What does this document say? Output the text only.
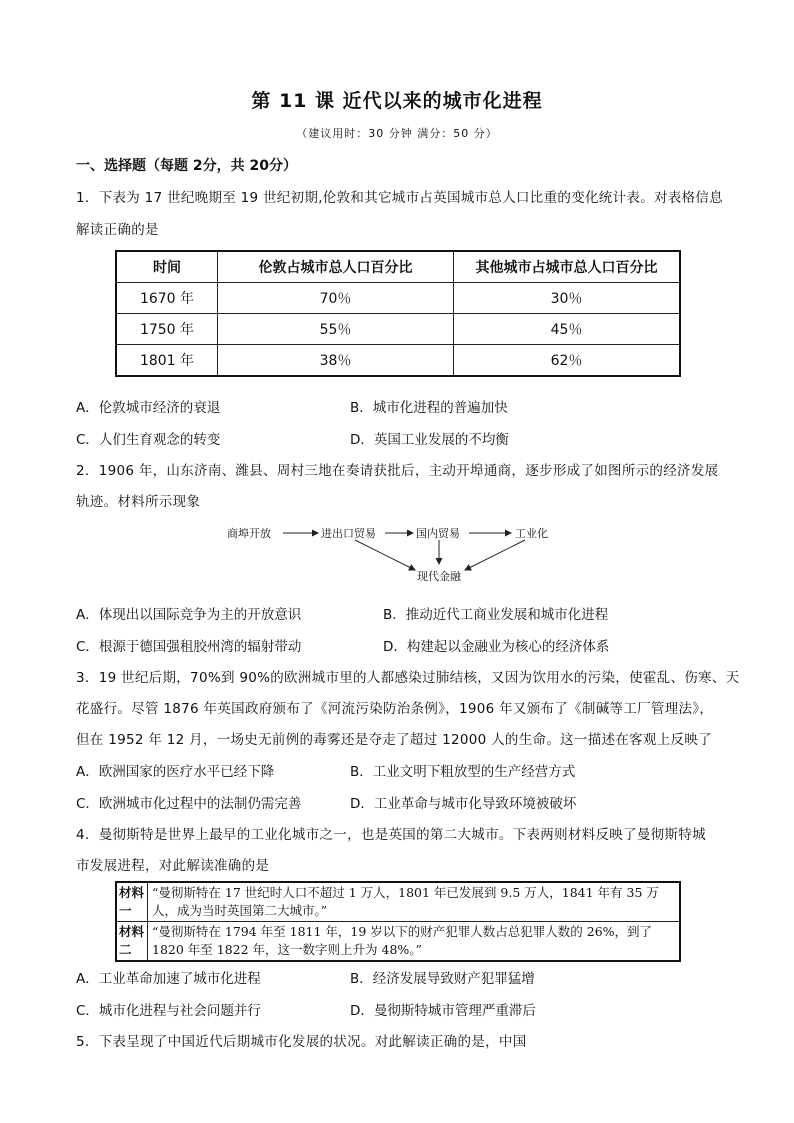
第 11 课 近代以来的城市化进程
（建议用时：30 分钟 满分：50 分）
一、选择题（每题 2分，共 20分）
1．下表为 17 世纪晚期至 19 世纪初期,伦敦和其它城市占英国城市总人口比重的变化统计表。对表格信息
解读正确的是
时间	伦敦占城市总人口百分比	其他城市占城市总人口百分比
1670 年	70％	30％
1750 年	55％	45％
1801 年	38％	62％
A．伦敦城市经济的衰退	B．城市化进程的普遍加快
C．人们生育观念的转变	D．英国工业发展的不均衡
2．1906 年，山东济南、潍县、周村三地在奏请获批后，主动开埠通商，逐步形成了如图所示的经济发展
轨迹。材料所示现象
商埠开放	进出口贸易	国内贸易	工业化
现代金融
A．体现出以国际竞争为主的开放意识	B．推动近代工商业发展和城市化进程
C．根源于德国强租胶州湾的辐射带动	D．构建起以金融业为核心的经济体系
3．19 世纪后期，70%到 90%的欧洲城市里的人都感染过肺结核，又因为饮用水的污染，使霍乱、伤寒、天
花盛行。尽管 1876 年英国政府颁布了《河流污染防治条例》，1906 年又颁布了《制碱等工厂管理法》，
但在 1952 年 12 月，一场史无前例的毒雾还是夺走了超过 12000 人的生命。这一描述在客观上反映了
A．欧洲国家的医疗水平已经下降	B．工业文明下粗放型的生产经营方式
C．欧洲城市化过程中的法制仍需完善	D．工业革命与城市化导致环境被破坏
4．曼彻斯特是世界上最早的工业化城市之一，也是英国的第二大城市。下表两则材料反映了曼彻斯特城
市发展进程，对此解读准确的是
材料一	“曼彻斯特在 17 世纪时人口不超过 1 万人，1801 年已发展到 9.5 万人，1841 年有 35 万人，成为当时英国第二大城市。”
材料二	“曼彻斯特在 1794 年至 1811 年，19 岁以下的财产犯罪人数占总犯罪人数的 26%，到了 1820 年至 1822 年，这一数字则上升为 48%。”
A．工业革命加速了城市化进程	B．经济发展导致财产犯罪猛增
C．城市化进程与社会问题并行	D．曼彻斯特城市管理严重滞后
5．下表呈现了中国近代后期城市化发展的状况。对此解读正确的是，中国
